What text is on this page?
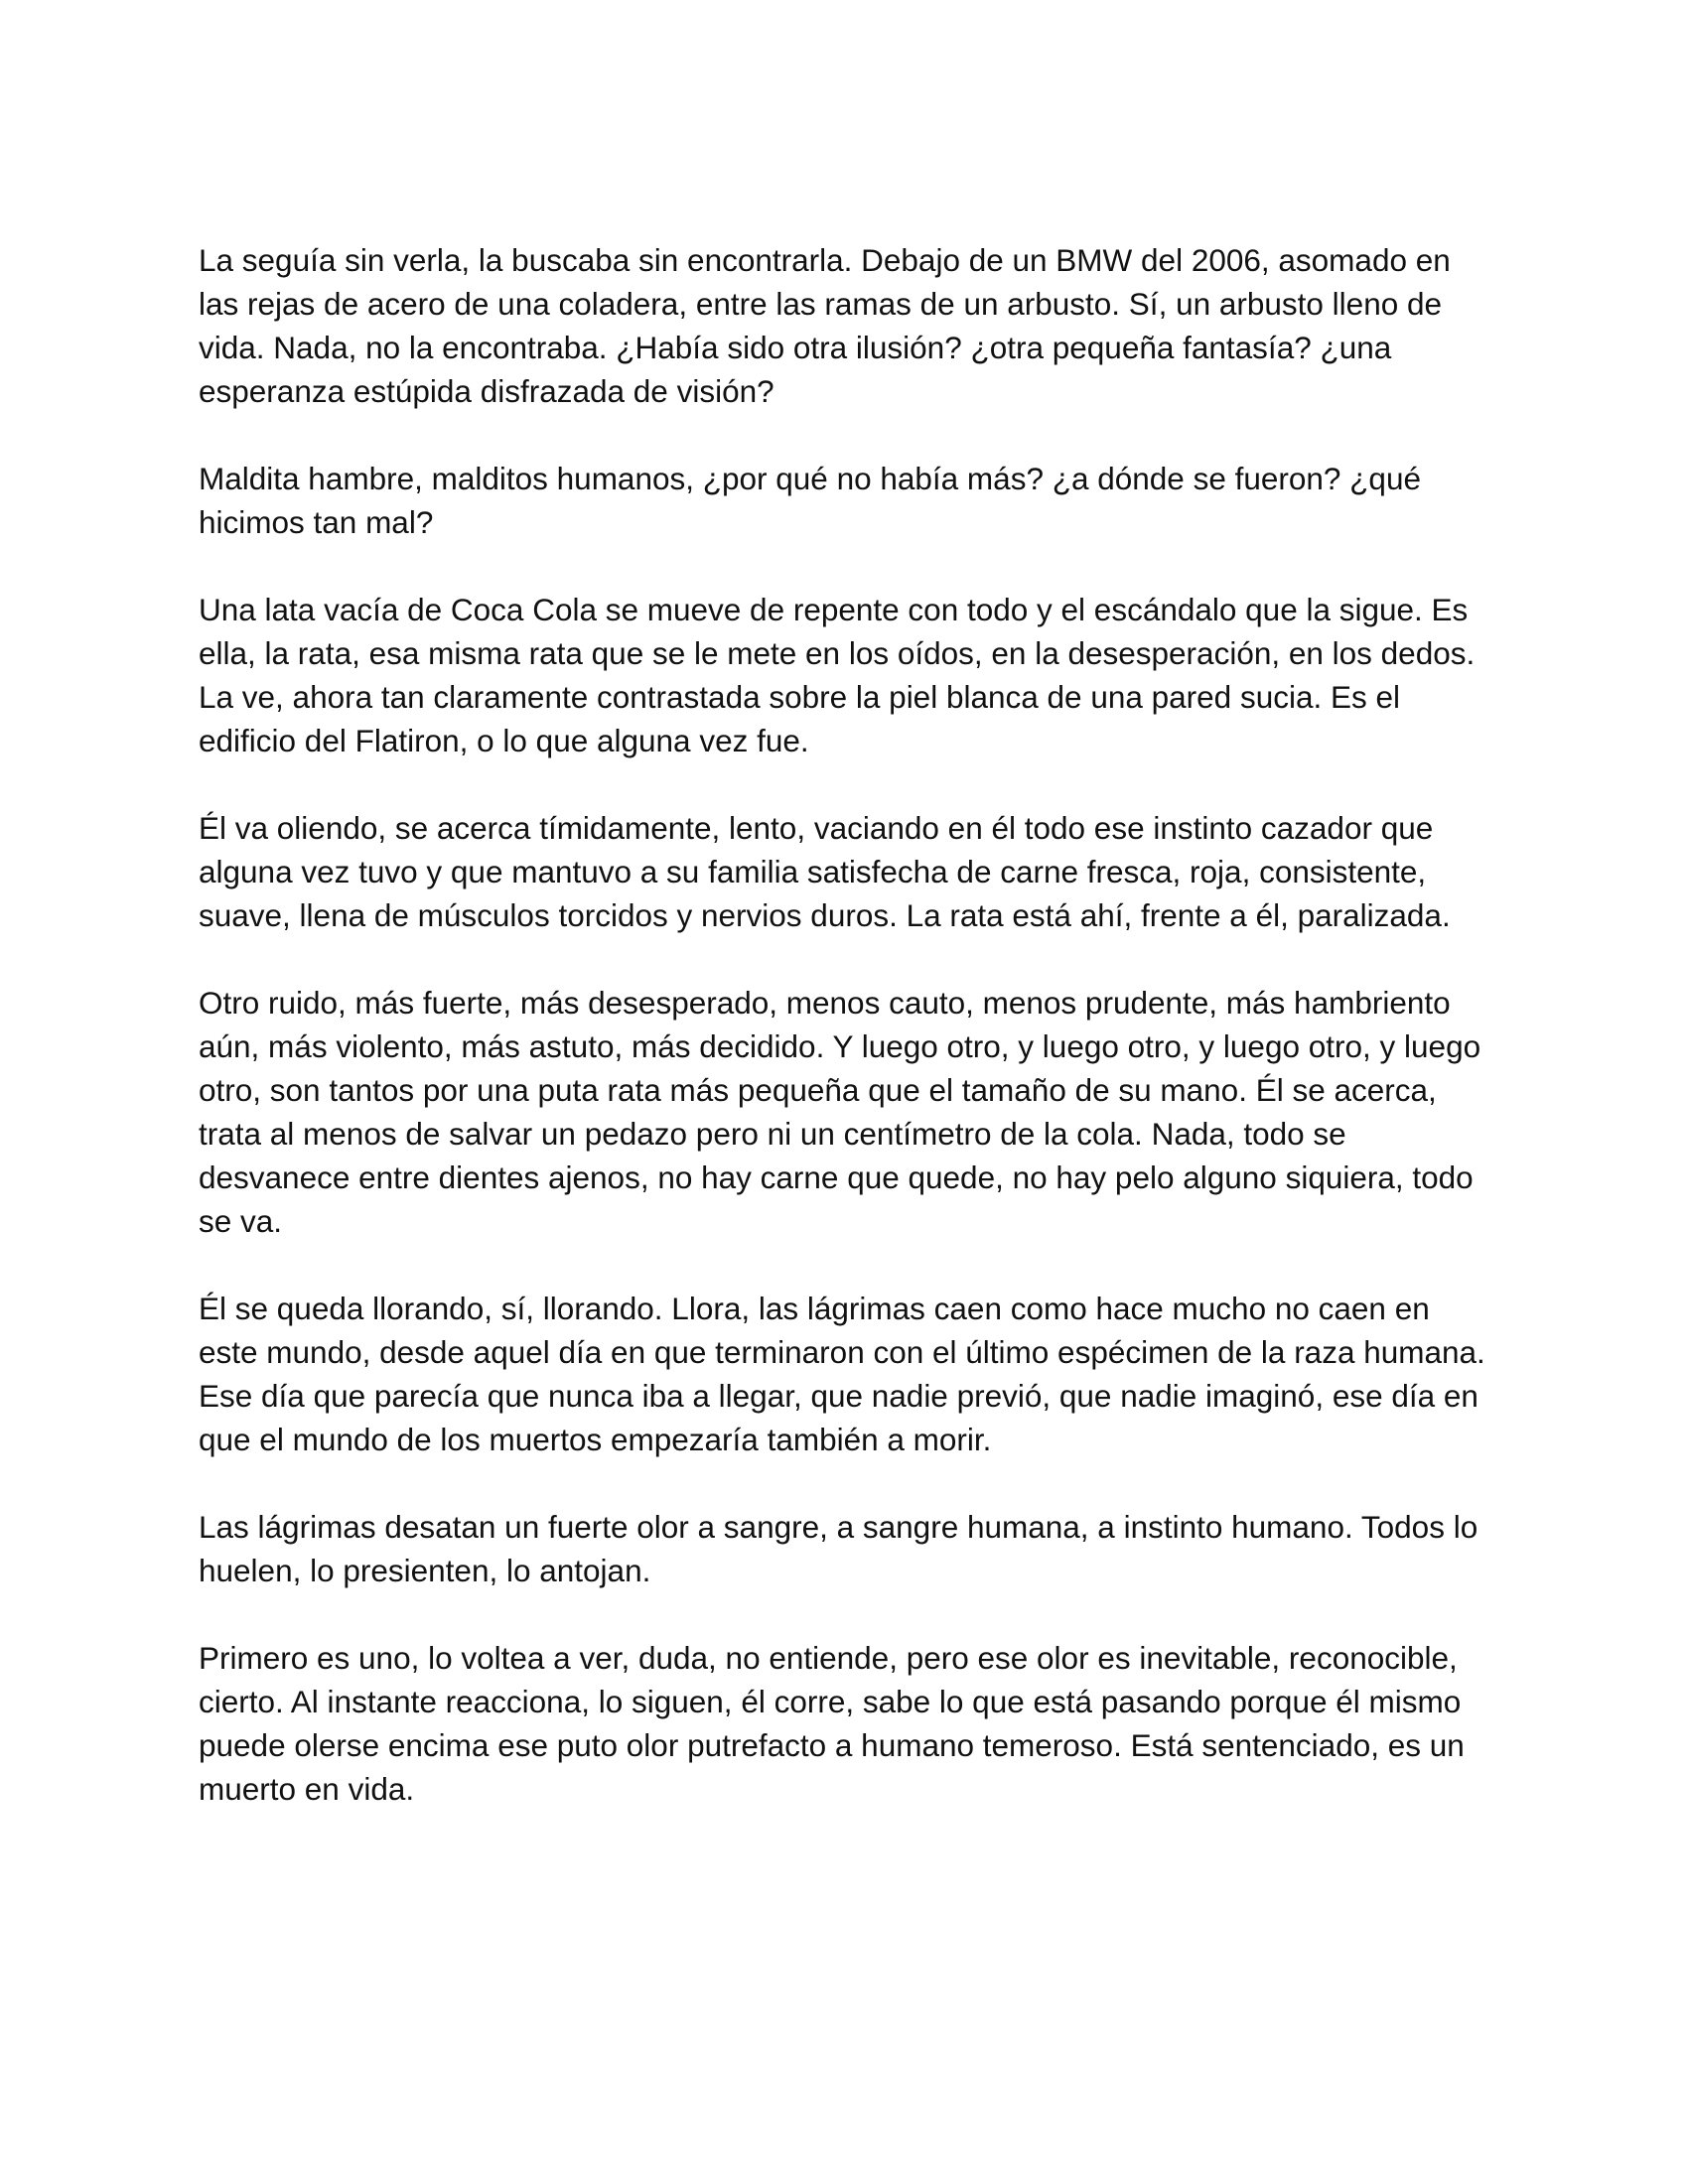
La seguía sin verla, la buscaba sin encontrarla. Debajo de un BMW del 2006, asomado en las rejas de acero de una coladera, entre las ramas de un arbusto. Sí, un arbusto lleno de vida. Nada, no la encontraba. ¿Había sido otra ilusión? ¿otra pequeña fantasía? ¿una esperanza estúpida disfrazada de visión?

Maldita hambre, malditos humanos, ¿por qué no había más? ¿a dónde se fueron? ¿qué hicimos tan mal?

Una lata vacía de Coca Cola se mueve de repente con todo y el escándalo que la sigue. Es ella, la rata, esa misma rata que se le mete en los oídos, en la desesperación, en los dedos. La ve, ahora tan claramente contrastada sobre la piel blanca de una pared sucia. Es el edificio del Flatiron, o lo que alguna vez fue.

Él va oliendo, se acerca tímidamente, lento, vaciando en él todo ese instinto cazador que alguna vez tuvo y que mantuvo a su familia satisfecha de carne fresca, roja, consistente, suave, llena de músculos torcidos y nervios duros. La rata está ahí, frente a él, paralizada.

Otro ruido, más fuerte, más desesperado, menos cauto, menos prudente, más hambriento aún, más violento, más astuto, más decidido. Y luego otro, y luego otro, y luego otro, y luego otro, son tantos por una puta rata más pequeña que el tamaño de su mano. Él se acerca, trata al menos de salvar un pedazo pero ni un centímetro de la cola. Nada, todo se desvanece entre dientes ajenos, no hay carne que quede, no hay pelo alguno siquiera, todo se va.

Él se queda llorando, sí, llorando. Llora, las lágrimas caen como hace mucho no caen en este mundo, desde aquel día en que terminaron con el último espécimen de la raza humana. Ese día que parecía que nunca iba a llegar, que nadie previó, que nadie imaginó, ese día en que el mundo de los muertos empezaría también a morir.

Las lágrimas desatan un fuerte olor a sangre, a sangre humana, a instinto humano. Todos lo huelen, lo presienten, lo antojan.

Primero es uno, lo voltea a ver, duda, no entiende, pero ese olor es inevitable, reconocible, cierto. Al instante reacciona, lo siguen, él corre, sabe lo que está pasando porque él mismo puede olerse encima ese puto olor putrefacto a humano temeroso. Está sentenciado, es un muerto en vida.
